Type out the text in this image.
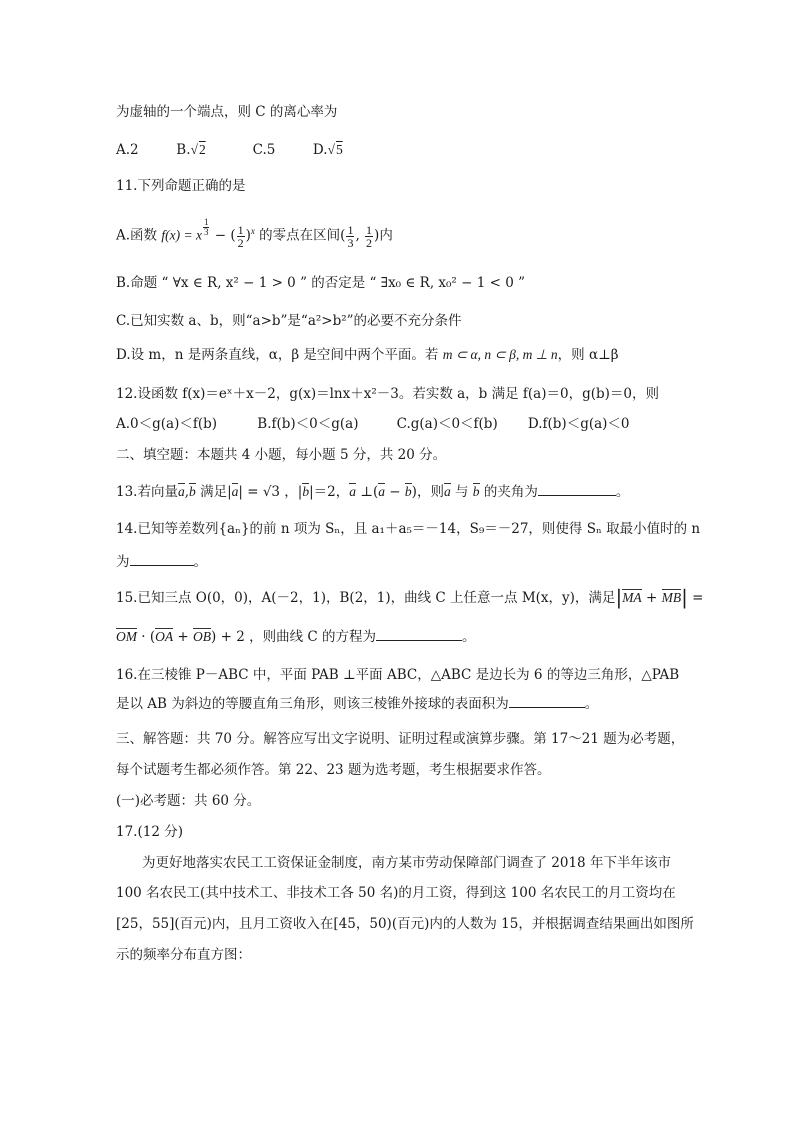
为虚轴的一个端点，则 C 的离心率为
A.2	B.√2	C.5	D.√5
11.下列命题正确的是
A.函数 f(x) = x $^{\frac{1}{3}}$ − ( $\frac{1}{2} )^x$ 的零点在区间( $\frac{1}{3}$ , $\frac{1}{2}$ )内
B.命题 “ ∀x ∈ R, x² − 1 > 0 ” 的否定是 “ ∃x₀ ∈ R, x₀² − 1 < 0 ”
C.已知实数 a、b，则“a>b”是“a²>b²”的必要不充分条件
D.设 m，n 是两条直线，α，β 是空间中两个平面。若 m ⊂ α, n ⊂ β, m ⊥ n，则 α⊥β
12.设函数 f(x)＝eˣ＋x－2，g(x)＝lnx＋x²－3。若实数 a，b 满足 f(a)＝0，g(b)＝0，则
A.0＜g(a)＜f(b)	B.f(b)＜0＜g(a)	C.g(a)＜0＜f(b) D.f(b)＜g(a)＜0
二、填空题：本题共 4 小题，每小题 5 分，共 20 分。
13.若向量a,b 满足|a| = √3 ，|b|＝2，a ⊥(a − b)，则a 与 b 的夹角为	。
14.已知等差数列{aₙ}的前 n 项为 Sₙ，且 a₁＋a₅＝－14，S₉＝－27，则使得 Sₙ 取最小值时的 n
为	。
15.已知三点 O(0，0)，A(－2，1)，B(2，1)，曲线 C 上任意一点 M(x，y)，满足|MA + MB| =
OM · (OA + OB) + 2 ，则曲线 C 的方程为	。
16.在三棱锥 P－ABC 中，平面 PAB ⊥平面 ABC，△ABC 是边长为 6 的等边三角形，△PAB
是以 AB 为斜边的等腰直角三角形，则该三棱锥外接球的表面积为	。
三、解答题：共 70 分。解答应写出文字说明、证明过程或演算步骤。第 17～21 题为必考题，
每个试题考生都必须作答。第 22、23 题为选考题，考生根据要求作答。
(一)必考题：共 60 分。
17.(12 分)
为更好地落实农民工工资保证金制度，南方某市劳动保障部门调查了 2018 年下半年该市
100 名农民工(其中技术工、非技术工各 50 名)的月工资，得到这 100 名农民工的月工资均在
[25，55](百元)内，且月工资收入在[45，50)(百元)内的人数为 15，并根据调查结果画出如图所
示的频率分布直方图：
